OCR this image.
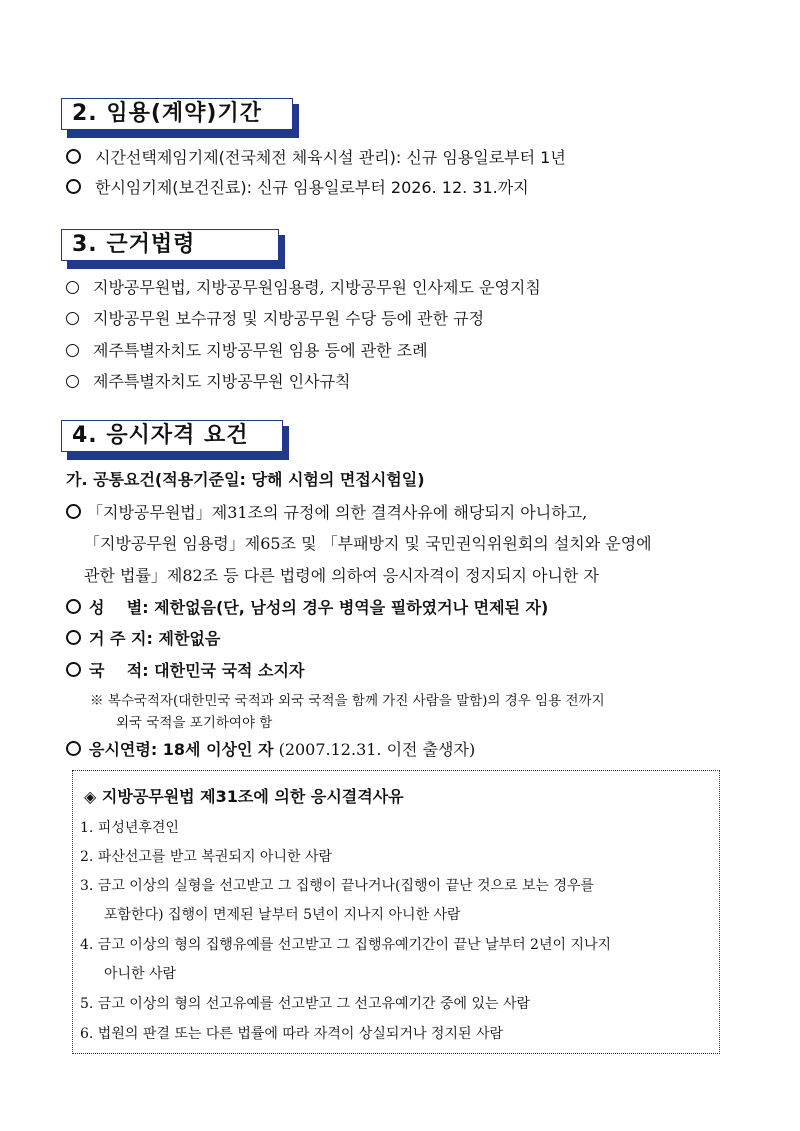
2. 임용(계약)기간
시간선택제임기제(전국체전 체육시설 관리): 신규 임용일로부터 1년
한시임기제(보건진료): 신규 임용일로부터 2026. 12. 31.까지
3. 근거법령
지방공무원법, 지방공무원임용령, 지방공무원 인사제도 운영지침
지방공무원 보수규정 및 지방공무원 수당 등에 관한 규정
제주특별자치도 지방공무원 임용 등에 관한 조례
제주특별자치도 지방공무원 인사규칙
4. 응시자격 요건
가. 공통요건(적용기준일: 당해 시험의 면접시험일)
「지방공무원법」제31조의 규정에 의한 결격사유에 해당되지 아니하고,
「지방공무원 임용령」제65조 및 「부패방지 및 국민권익위원회의 설치와 운영에
관한 법률」제82조 등 다른 법령에 의하여 응시자격이 정지되지 아니한 자
성    별: 제한없음(단, 남성의 경우 병역을 필하였거나 면제된 자)
거 주 지: 제한없음
국    적: 대한민국 국적 소지자
※ 복수국적자(대한민국 국적과 외국 국적을 함께 가진 사람을 말함)의 경우 임용 전까지
외국 국적을 포기하여야 함
응시연령: 18세 이상인 자 (2007.12.31. 이전 출생자)
◈ 지방공무원법 제31조에 의한 응시결격사유
1. 피성년후견인
2. 파산선고를 받고 복권되지 아니한 사람
3. 금고 이상의 실형을 선고받고 그 집행이 끝나거나(집행이 끝난 것으로 보는 경우를
포함한다) 집행이 면제된 날부터 5년이 지나지 아니한 사람
4. 금고 이상의 형의 집행유예를 선고받고 그 집행유예기간이 끝난 날부터 2년이 지나지
아니한 사람
5. 금고 이상의 형의 선고유예를 선고받고 그 선고유예기간 중에 있는 사람
6. 법원의 판결 또는 다른 법률에 따라 자격이 상실되거나 정지된 사람
